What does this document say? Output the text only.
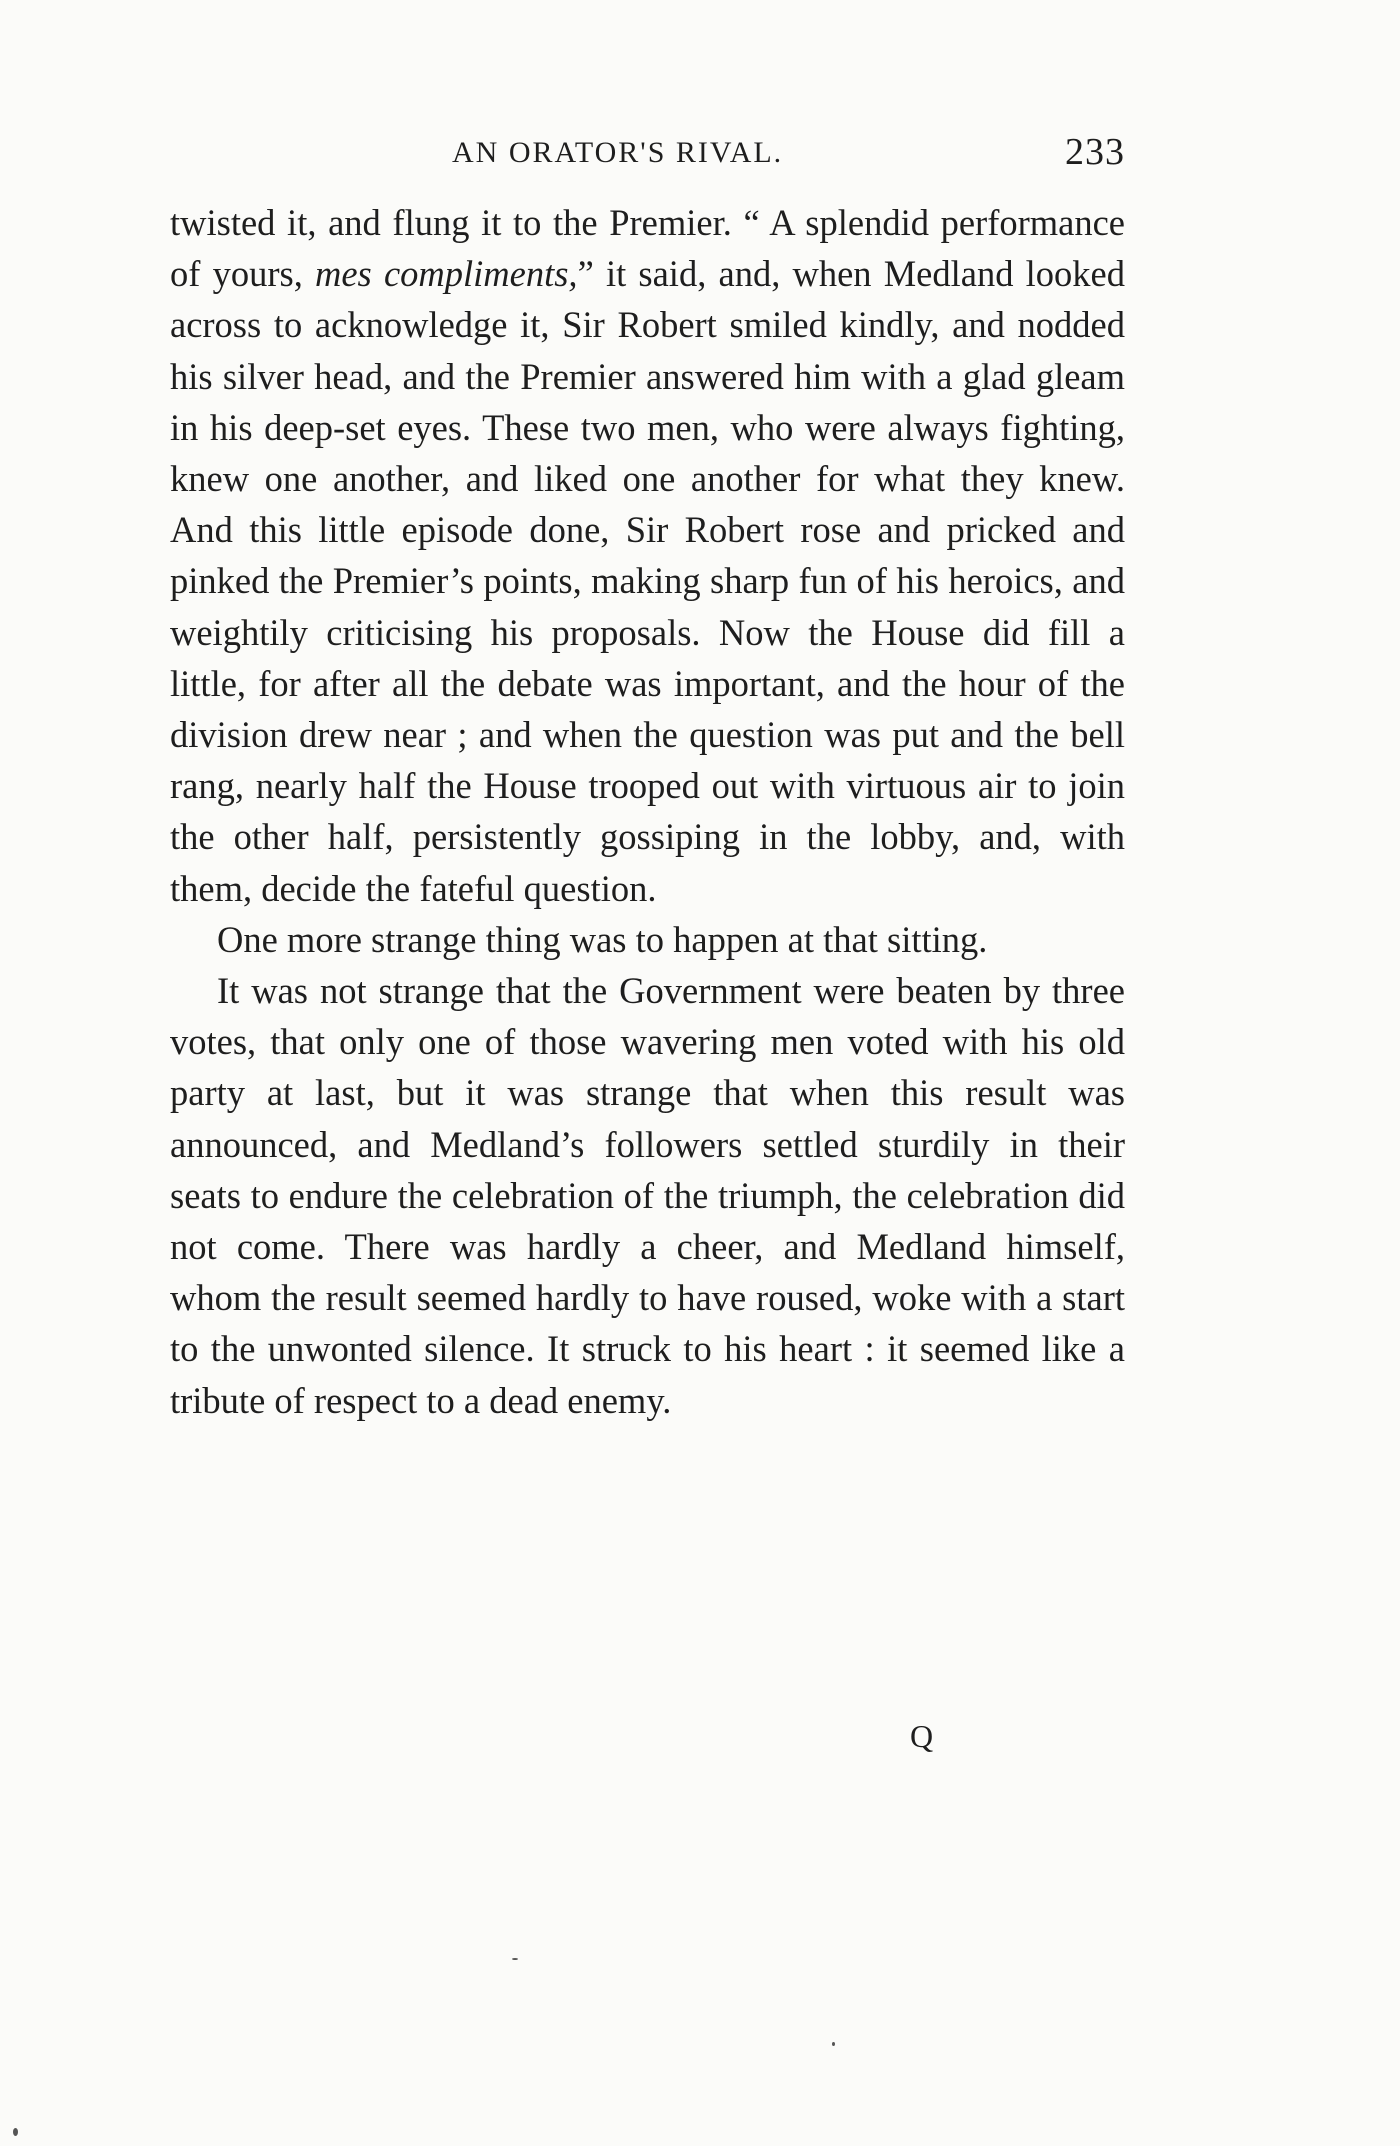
AN ORATOR'S RIVAL.	233

twisted it, and flung it to the Premier. “ A splendid performance of yours, mes compliments,” it said, and, when Medland looked across to acknowledge it, Sir Robert smiled kindly, and nodded his silver head, and the Premier answered him with a glad gleam in his deep-set eyes. These two men, who were always fighting, knew one another, and liked one another for what they knew. And this little episode done, Sir Robert rose and pricked and pinked the Premier’s points, making sharp fun of his heroics, and weightily criticising his proposals. Now the House did fill a little, for after all the debate was important, and the hour of the division drew near ; and when the question was put and the bell rang, nearly half the House trooped out with virtuous air to join the other half, persistently gossiping in the lobby, and, with them, decide the fateful question.

One more strange thing was to happen at that sitting.

It was not strange that the Government were beaten by three votes, that only one of those wavering men voted with his old party at last, but it was strange that when this result was announced, and Medland’s followers settled sturdily in their seats to endure the celebration of the triumph, the celebration did not come. There was hardly a cheer, and Medland himself, whom the result seemed hardly to have roused, woke with a start to the unwonted silence. It struck to his heart : it seemed like a tribute of respect to a dead enemy.

Q
